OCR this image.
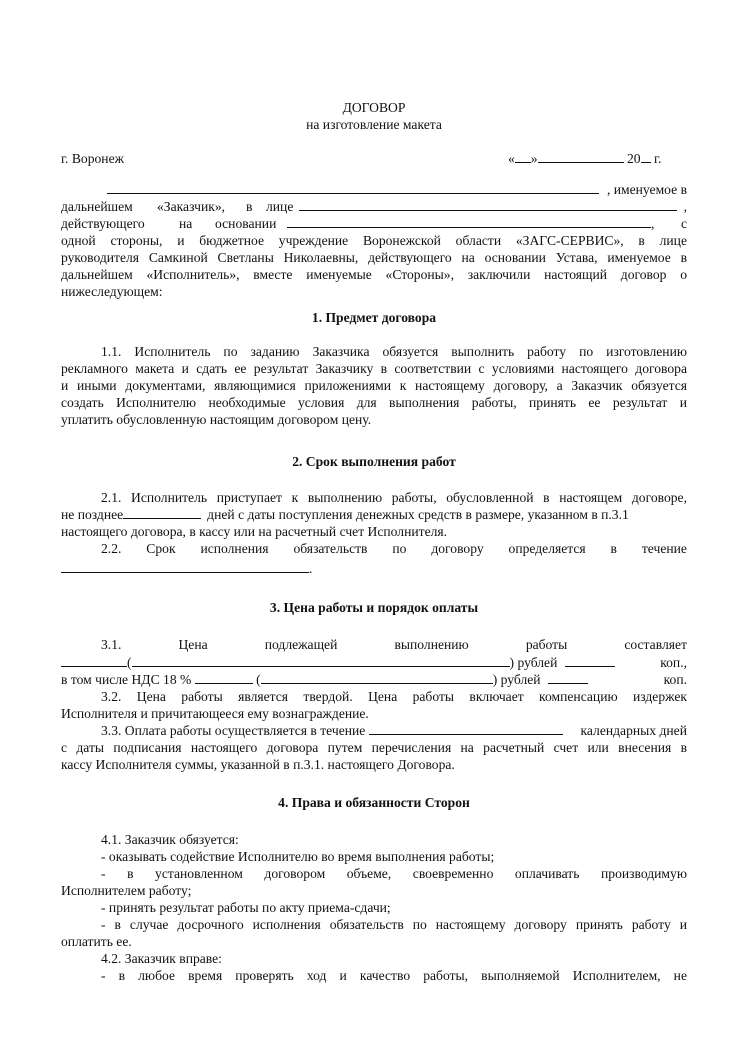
ДОГОВОР
на изготовление макета
г. Воронеж	« »	20 г.
, именуемое в
дальнейшем «Заказчик», в лице	,
действующего	на основании	, с
одной стороны, и бюджетное учреждение Воронежской области «ЗАГС-СЕРВИС», в лице
руководителя Самкиной Светланы Николаевны, действующего на основании Устава, именуемое в
дальнейшем «Исполнитель», вместе именуемые «Стороны», заключили настоящий договор о
нижеследующем:
1. Предмет договора
1.1. Исполнитель по заданию Заказчика обязуется выполнить работу по изготовлению
рекламного макета и сдать ее результат Заказчику в соответствии с условиями настоящего договора
и иными документами, являющимися приложениями к настоящему договору, а Заказчик обязуется
создать Исполнителю необходимые условия для выполнения работы, принять ее результат и
уплатить обусловленную настоящим договором цену.
2. Срок выполнения работ
2.1. Исполнитель приступает к выполнению работы, обусловленной в настоящем договоре,
не позднее	дней с даты поступления денежных средств в размере, указанном в п.3.1
настоящего договора, в кассу или на расчетный счет Исполнителя.
2.2. Срок исполнения обязательств по договору определяется в течение
.
3. Цена работы и порядок оплаты
3.1.	Цена	подлежащей	выполнению	работы	составляет
(	) рублей	коп.,
в том числе НДС 18 %	(	) рублей	коп.
3.2. Цена работы является твердой. Цена работы включает компенсацию издержек
Исполнителя и причитающееся ему вознаграждение.
3.3. Оплата работы осуществляется в течение	календарных дней
с даты подписания настоящего договора путем перечисления на расчетный счет или внесения в
кассу Исполнителя суммы, указанной в п.3.1. настоящего Договора.
4. Права и обязанности Сторон
4.1. Заказчик обязуется:
- оказывать содействие Исполнителю во время выполнения работы;
- в установленном договором объеме, своевременно оплачивать производимую
Исполнителем работу;
- принять результат работы по акту приема-сдачи;
- в случае досрочного исполнения обязательств по настоящему договору принять работу и
оплатить ее.
4.2. Заказчик вправе:
- в любое время проверять ход и качество работы, выполняемой Исполнителем, не
